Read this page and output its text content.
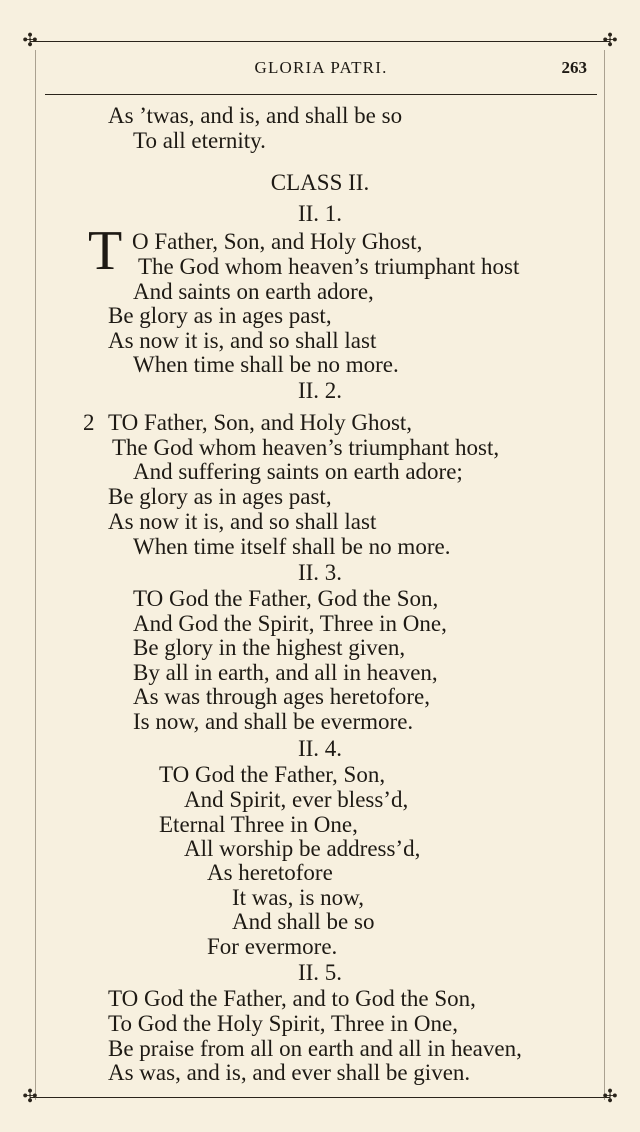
✣	✣
✣	✣
GLORIA PATRI.	263
As ’twas, and is, and shall be so
To all eternity.
CLASS II.
II. 1.
T O Father, Son, and Holy Ghost,
The God whom heaven’s triumphant host
And saints on earth adore,
Be glory as in ages past,
As now it is, and so shall last
When time shall be no more.
II. 2.
2 TO Father, Son, and Holy Ghost,
The God whom heaven’s triumphant host,
And suffering saints on earth adore;
Be glory as in ages past,
As now it is, and so shall last
When time itself shall be no more.
II. 3.
TO God the Father, God the Son,
And God the Spirit, Three in One,
Be glory in the highest given,
By all in earth, and all in heaven,
As was through ages heretofore,
Is now, and shall be evermore.
II. 4.
TO God the Father, Son,
And Spirit, ever bless’d,
Eternal Three in One,
All worship be address’d,
As heretofore
It was, is now,
And shall be so
For evermore.
II. 5.
TO God the Father, and to God the Son,
To God the Holy Spirit, Three in One,
Be praise from all on earth and all in heaven,
As was, and is, and ever shall be given.
